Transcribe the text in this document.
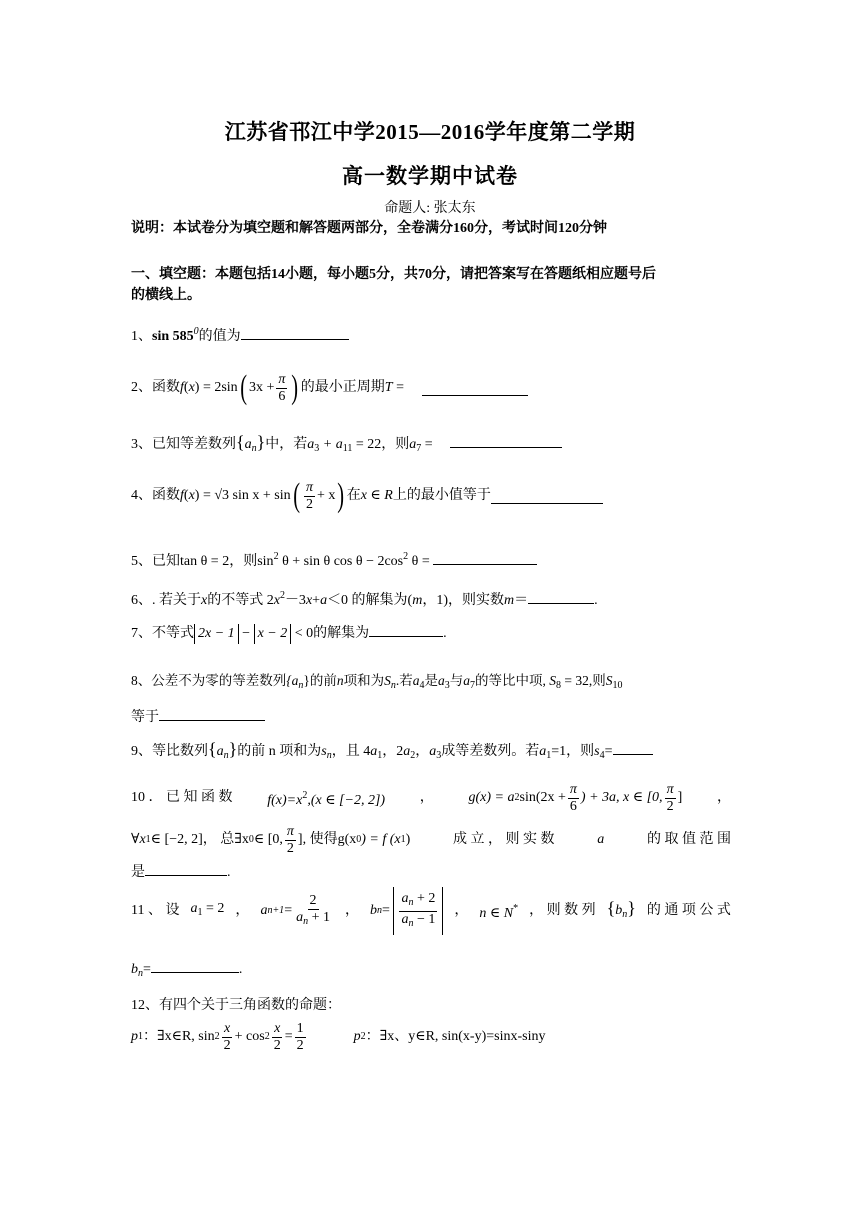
江苏省邗江中学2015—2016学年度第二学期
高一数学期中试卷
命题人: 张太东
说明：本试卷分为填空题和解答题两部分，全卷满分160分，考试时间120分钟
一、填空题：本题包括14小题，每小题5分，共70分，请把答案写在答题纸相应题号后
的横线上。
1、$\sin 585^0$的值为
2、函数 f ( x ) = 2sin ( $3x + \frac{\pi}{6}$ ) 的最小正周期 T
=
3、已知等差数列$\{a_n\}$中，若$a_3 + a_{11} = 22$，则$a_7$ =
4、函数 f ( x ) = √3 sin x + sin ( $\frac{\pi}{2} + x$ ) 在 x ∈ R 上的最小值等于
5、已知tan θ = 2，则$\sin^2 \theta + \sin \theta$ $\cos \theta - 2\cos^2$ θ =
6、. 若关于x的不等式 $2x^2-3x+a<0$ 的解集为(m，1)，则实数m＝	.
7、不等式 2x − 1 − x − 2 < 0的解集为	.
8、公差不为零的等差数列$\{a_n\}$的前n项和为$S_n$.若$a_4$是$a_3$与$a_7$的等比中项, $S_8 = 32$,则$S_{10}$
等于
9、等比数列$\{a_n\}$的前 n 项和为$s_n$，且 $4a_1$，$2a_2$，$a_3$成等差数列。若$a_1=1$，则$s_4=$
10 ． 已 知 函 数 $f(x)=x^2,(x$ ∈ [−2, 2]) ， g(x) = a 2 $\sin(2x + \frac{\pi}{6}$ ) + 3a, x ∈ [0, $\frac{\pi}{2}$ ] ，
∀x 1 ∈ [−2, 2] ， 总∃x 0 ∈ [0, $\frac{\pi}{2}$ ], 使得g(x 0 ) = f (x 1 )	成 立 ， 则 实 数	a	的 取 值 范 围
是	.
11 、 设 $a_1 = 2$ ， a $n+1 = \frac{2}{a_n + 1}$ ， b n =
$\frac{a_n + 2}{a_n - 1}$ ， n ∈ N* ， 则 数 列 $\{b_n\}$ 的 通 项 公 式
$b_n=$	.
12、有四个关于三角函数的命题：
p 1 ：∃x∈R, $\sin 2 \frac{x}{2} + \cos 2 \frac{x}{2} = \frac{1}{2}$	p 2 ：∃x、y∈R, sin(x-y)=sinx-siny
